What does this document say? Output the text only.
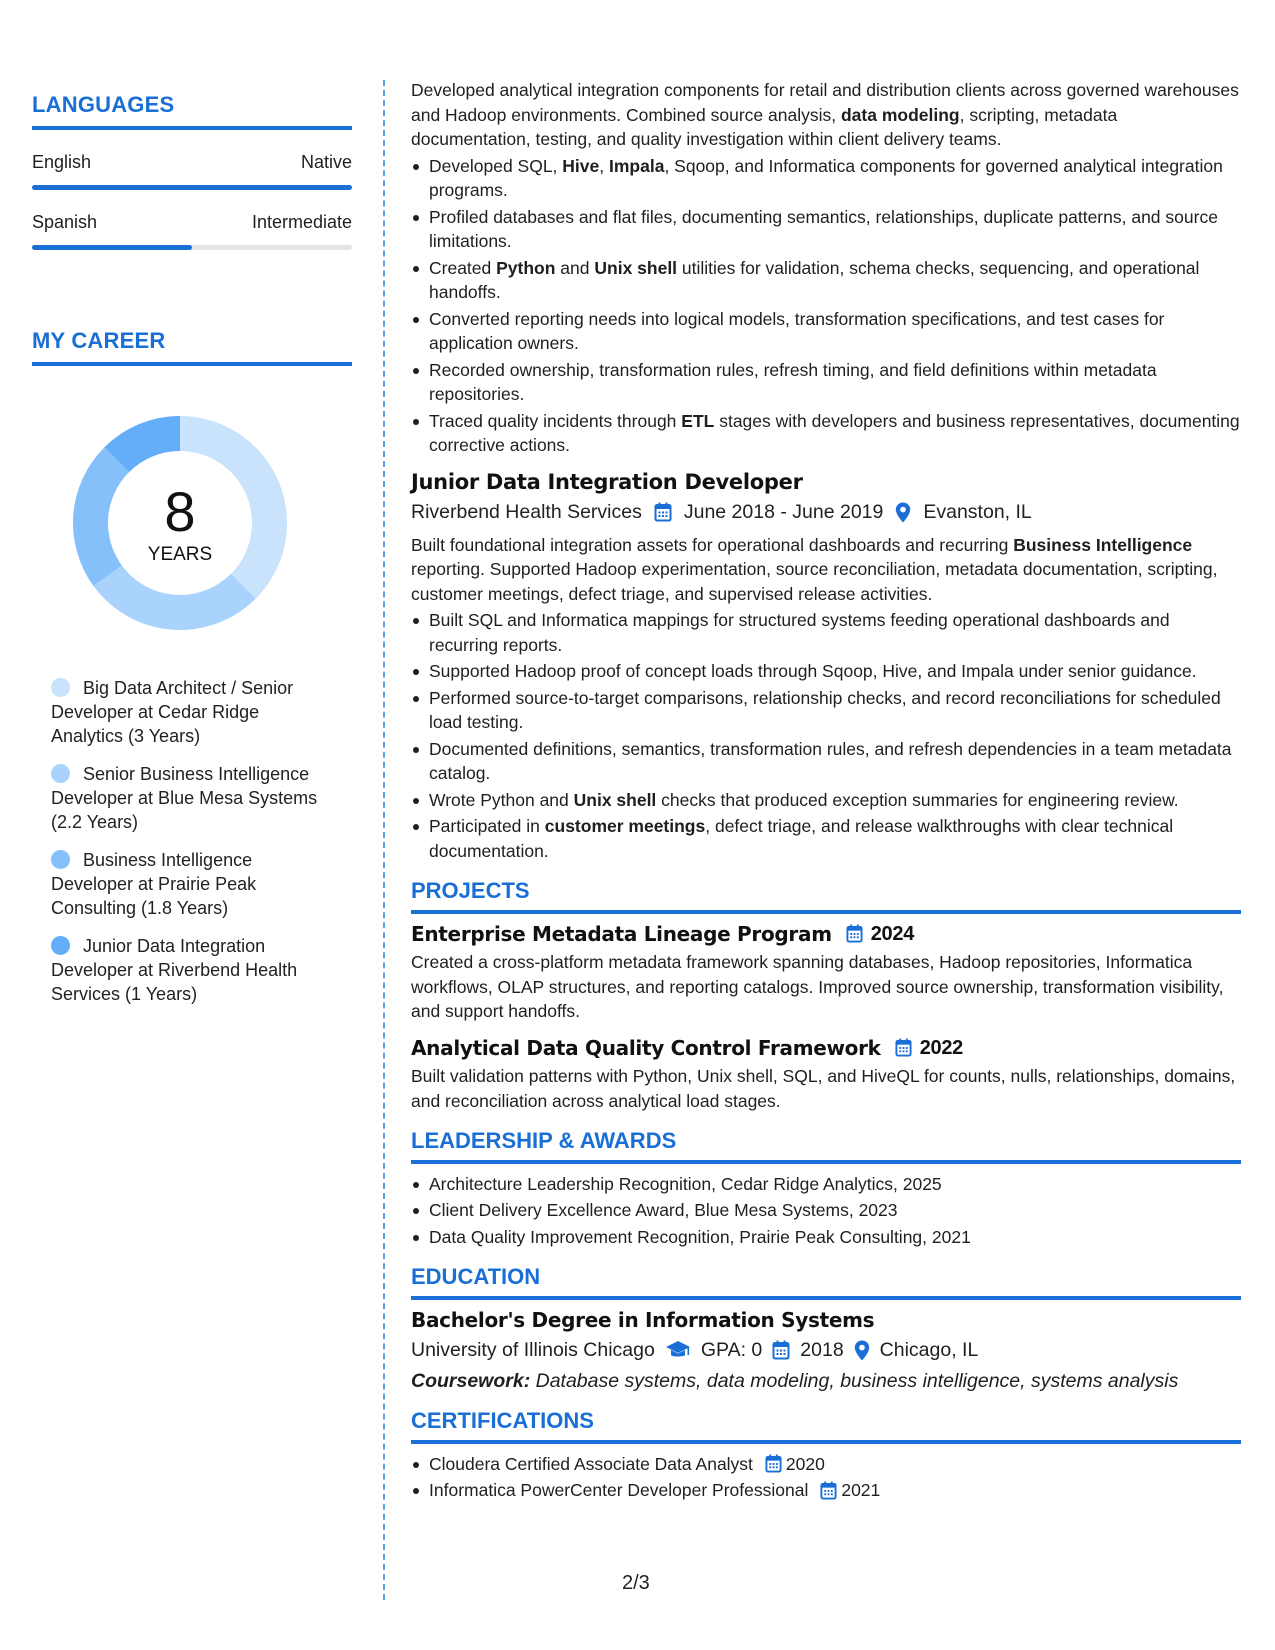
LANGUAGES
English	Native
Spanish	Intermediate
MY CAREER
8
YEARS
Big Data Architect / Senior Developer at Cedar Ridge Analytics (3 Years)
Senior Business Intelligence Developer at Blue Mesa Systems (2.2 Years)
Business Intelligence Developer at Prairie Peak Consulting (1.8 Years)
Junior Data Integration Developer at Riverbend Health Services (1 Years)

Developed analytical integration components for retail and distribution clients across governed warehouses and Hadoop environments. Combined source analysis, data modeling, scripting, metadata documentation, testing, and quality investigation within client delivery teams.

Developed SQL, Hive, Impala, Sqoop, and Informatica components for governed analytical integration programs.
Profiled databases and flat files, documenting semantics, relationships, duplicate patterns, and source limitations.
Created Python and Unix shell utilities for validation, schema checks, sequencing, and operational handoffs.
Converted reporting needs into logical models, transformation specifications, and test cases for application owners.
Recorded ownership, transformation rules, refresh timing, and field definitions within metadata repositories.
Traced quality incidents through ETL stages with developers and business representatives, documenting corrective actions.
Junior Data Integration Developer
Riverbend Health Services June 2018 - June 2019 Evanston, IL

Built foundational integration assets for operational dashboards and recurring Business Intelligence reporting. Supported Hadoop experimentation, source reconciliation, metadata documentation, scripting, customer meetings, defect triage, and supervised release activities.

Built SQL and Informatica mappings for structured systems feeding operational dashboards and recurring reports.
Supported Hadoop proof of concept loads through Sqoop, Hive, and Impala under senior guidance.
Performed source-to-target comparisons, relationship checks, and record reconciliations for scheduled load testing.
Documented definitions, semantics, transformation rules, and refresh dependencies in a team metadata catalog.
Wrote Python and Unix shell checks that produced exception summaries for engineering review.
Participated in customer meetings, defect triage, and release walkthroughs with clear technical documentation.
PROJECTS
Enterprise Metadata Lineage Program 2024

Created a cross-platform metadata framework spanning databases, Hadoop repositories, Informatica workflows, OLAP structures, and reporting catalogs. Improved source ownership, transformation visibility, and support handoffs.

Analytical Data Quality Control Framework 2022

Built validation patterns with Python, Unix shell, SQL, and HiveQL for counts, nulls, relationships, domains, and reconciliation across analytical load stages.

LEADERSHIP & AWARDS
Architecture Leadership Recognition, Cedar Ridge Analytics, 2025
Client Delivery Excellence Award, Blue Mesa Systems, 2023
Data Quality Improvement Recognition, Prairie Peak Consulting, 2021
EDUCATION
Bachelor's Degree in Information Systems
University of Illinois Chicago GPA: 0 2018 Chicago, IL
Coursework: Database systems, data modeling, business intelligence, systems analysis
CERTIFICATIONS
Cloudera Certified Associate Data Analyst 2020
Informatica PowerCenter Developer Professional 2021
2/3
